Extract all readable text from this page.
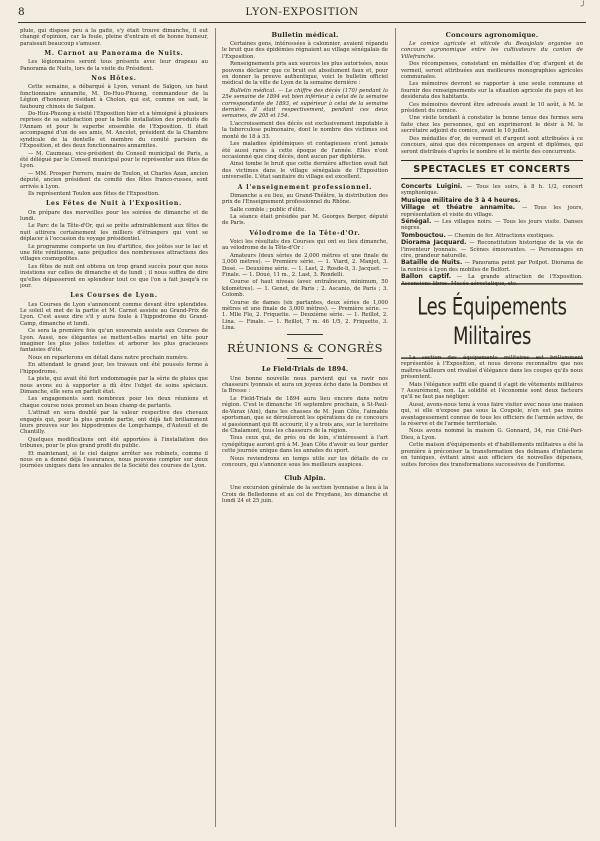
8	LYON-EXPOSITION	╯

pluie, qui dispose peu à la gaité, s'y était trouvé dimanche, il eut changé d'opinion, car la foule, pleine d'entrain et de bonne humeur, paraissait beaucoup s'amuser.

M. Carnot au Panorama de Nuits.

Les légionnaires seront tous présents avec leur drapeau au Panorama de Nuits, lors de la visite du Président.

Nos Hôtes.

Cette semaine, a débarqué à Lyon, venant de Saïgon, un haut fonctionnaire annamite, M. Do-Huu-Phuong, commandeur de la Légion d'honneur, résidant à Cholon, qui est, comme on sait, le faubourg chinois de Saïgon.

Do-Huu-Phuong a visité l'Exposition hier et a témoigné à plusieurs reprises de sa satisfaction pour la belle installation des produits de l'Annam et pour le superbe ensemble de l'Exposition. Il était accompagné d'un de ses amis, M. Ancelot, président de la Chambre syndicale de la dentelle et membre du comité parisien de l'Exposition, et des deux fonctionnaires annamites.

— M. Caumeau, vice-président du Conseil municipal de Paris, a été délégué par le Conseil municipal pour le représenter aux fêtes de Lyon.

— MM. Prosper Ferrero, maire de Toulon, et Charles Azan, ancien député, ancien président du comité des fêtes franco-russes, sont arrivés à Lyon.

Ils représentent Toulon aux fêtes de l'Exposition.

Les Fêtes de Nuit à l'Exposition.

On prépare des merveilles pour les soirées de dimanche et de lundi.

Le Parc de la Tête-d'Or, qui se prête admirablement aux fêtes de nuit attirera certainement les milliers d'étrangers qui vont se déplacer à l'occasion du voyage présidentiel.

Le programme comporte un feu d'artifice, des joûtes sur le lac et une fête vénitienne, sans préjudice des nombreuses attractions des villages cosmopolites.

Les fêtes de nuit ont obtenu un trop grand succès pour que nous insistions sur celles de dimanche et de lundi ; il nous suffira de dire qu'elles dépasseront en splendeur tout ce que l'on a fait jusqu'à ce jour.

Les Courses de Lyon.

Les Courses de Lyon s'annoncent comme devant être splendides. Le soleil et met de la partie et M. Carnot assiste au Grand-Prix de Lyon. C'est assez dire s'il y aura foule à l'hippodrome du Grand-Camp, dimanche et lundi.

Ce sera la première fois qu'un souverain assiste aux Courses de Lyon. Aussi, nos élégantes se mettent-elles martel en tête pour imaginer les plus jolies toilettes et arborer les plus gracieuses fantaisies d'été.

Nous en reparlerons en détail dans notre prochain numéro.

En attendant le grand jour, les travaux ont été poussés ferme à l'hippodrome.

La piste, qui avait été fort endommagée par la série de pluies que nous avons eu à supporter a dû être l'objet de soins spéciaux. Dimanche, elle sera en parfait état.

Les engagements sont nombreux pour les deux réunions et chaque course nous promet un beau champ de partants.

L'attrait en sera doublé par la valeur respective des chevaux engagés qui, pour la plus grande partie, ont déjà fait brillamment leurs preuves sur les hippodromes de Longchamps, d'Auteuil et de Chantilly.

Quelques modifications ont été apportées à l'installation des tribunes, pour le plus grand profit du public.

Et maintenant, si le ciel daigne arrêter ses robinets, comme il nous en a donné déjà l'assurance, nous pouvons compter sur deux journées uniques dans les annales de la Société des courses de Lyon.

Bulletin médical.

Certaines gens, intéressées à calomnier, avaient répandu le bruit que des épidémies régnaient au village sénégalais de l'Exposition.

Renseignements pris aux sources les plus autorisées, nous pouvons déclarer que ce bruit est absolument faux et, pour en donner la preuve authentique, voici le bulletin officiel médical de la ville de Lyon de la semaine dernière :

Bulletin médical. — Le chiffre des décès (170) pendant la 25e semaine de 1894 est bien inférieur à celui de la semaine correspondante de 1893, et supérieur à celui de la semaine dernière. Il était respectivement, pendant ces deux semaines, de 205 et 154.

L'accroissement des décès est exclusivement imputable à la tuberculose pulmonaire, dont le nombre des victimes est monté de 18 à 33.

Les maladies épidémiques et contagieuses n'ont jamais été aussi rares à cette époque de l'année. Elles n'ont occasionné que cinq décès, dont aucun par diphtérie.

Ainsi tombe le bruit que cette dernière affection avait fait des victimes dans le village sénégalais de l'Exposition universelle. L'état sanitaire du village est excellent.

A l'enseignement professionnel.

Dimanche a eu lieu, au Grand-Théâtre, la distribution des prix de l'Enseignement professionnel du Rhône.

Salle comble ; public d'élite.

La séance était présidée par M. Georges Berger, député de Paris.

Vélodrome de la Tête-d'Or.

Voici les résultats des Courses qui ont eu lieu dimanche, au vélodrome de la Tête-d'Or :

Amateurs (deux séries de 2,000 mètres et une finale de 3,000 mètres). — Première série. — 1. Viard, 2. Manjot, 3. Dosé. — Deuxième série. — 1. Last, 2. Rosde-li, 3. Jacquet. — Finale. — 1. Doué, 11 m., 2. Last, 3. Rondelli.

Course of haut niveau (avec entraîneurs, minimum, 50 kilomètres). — 1. Genet, de Paris ; 2. Ascanio, de Paris ; 3. Colomb.

Course de dames (six partantes, deux séries de 1,000 mètres et une finale de 3,000 mètres). — Première série. — 1. Mlle Flo, 2. Friquette. — Deuxième série. — 1. Reillot, 2. Lina. — Finale. — 1. Reillot, 7 m. 46 1/5, 2. Friquette, 3. Lina.

RÉUNIONS & CONGRÈS
Le Field-Trials de 1894.

Une bonne nouvelle nous parvient qui va ravir nos chasseurs lyonnais et aura un joyeux écho dans la Dombes et la Bresse :

Le Field-Trials de 1894 aura lieu encore dans notre région. C'est le dimanche 16 septembre prochain, à St-Paul-de-Varax (Ain), dans les chasses de M. Jean Côte, l'aimable sportsman, que se dérouleront les opérations de ce concours si passionnant qui fit accourir, il y a trois ans, sur le territoire de Chalamont, tous les chasseurs de la région.

Tous ceux qui, de près ou de loin, s'intéressent à l'art cynégétique auront gré à M. Jean Côte d'avoir su leur garder cette journée unique dans les annales du sport.

Nous reviendrons en temps utile sur les détails de ce concours, qui s'annonce sous les meilleurs auspices.

Club Alpin.

Une excursion générale de la section lyonnaise a lieu à la Croix de Belledonne et au col de Freydane, les dimanche et lundi 24 et 25 juin.

Concours agronomique.

Le comice agricole et viticole du Beaujolais organise un concours agronomique entre les cultivateurs du canton de Villefranche.

Des récompenses, consistant en médailles d'or, d'argent et de vermeil, seront attribuées aux meilleures monographies agricoles communales.

Les mémoires devront se rapporter à une seule commune et fournir des renseignements sur la situation agricole du pays et les desiderata des habitants.

Ces mémoires devront être adressés avant le 10 août, à M. le président du comice.

Une visite tendant à constater la bonne tenue des fermes sera faite chez les personnes, qui en exprimeront le désir à M. le secrétaire adjoint du comice, avant le 10 juillet.

Des médailles d'or, de vermeil et d'argent sont attribuées à ce concours, ainsi que des récompenses en argent et diplômes, qui seront distribués d'après le nombre et le mérite des concurrents.

SPECTACLES ET CONCERTS

Concerts Luigini. — Tous les soirs, à 8 h. 1/2, concert symphonique.

Musique militaire de 3 à 4 heures.

Village et théatre annamite. — Tous les jours, représentation et visite du village.

Sénégal. — Les villages noirs. — Tous les jours visite. Danses nègres.

Tombouctou. — Chemin de fer. Attractions exotiques.

Diorama Jacquard. — Reconstitution historique de la vie de l'inventeur lyonnais. — Scènes émouvantes. — Personnages en cire, grandeur naturelle.

Bataille de Nuits. — Panorama peint par Poilpot. Diorama de la rentrée à Lyon des mobiles de Belfort.

Ballon captif. — La grande attraction de l'Exposition. Ascensions libres. Musée aérostatique, etc.

Les Équipements Militaires

La section des équipements militaires est brillamment représentée à l'Exposition, et nous devons reconnaître que nos maîtres-tailleurs ont rivalisé d'élégance dans les coupes qu'ils nous présentent.

Mais l'élégance suffit elle quand il s'agit de vêtements militaires ? Assurément, non. La solidité et l'économie sont deux facteurs qu'il ne faut pas négliger.

Aussi, avons-nous tenu à vous faire visiter avec nous une maison qui, si elle n'expose pas sous la Coupole, n'en est pas moins avantageusement connue de tous les officiers de l'armée active, de la réserve et de l'armée territoriale.

Nous avons nommé la maison G. Gonnard, 34, rue Cité-Pari-Dieu, à Lyon.

Cette maison d'équipements et d'habillements militaires a été la première à préconiser la transformation des dolmans d'infanterie en tuniques, évitant ainsi aux officiers de nouvelles dépenses, suites forcées des transformations successives de l'uniforme.
